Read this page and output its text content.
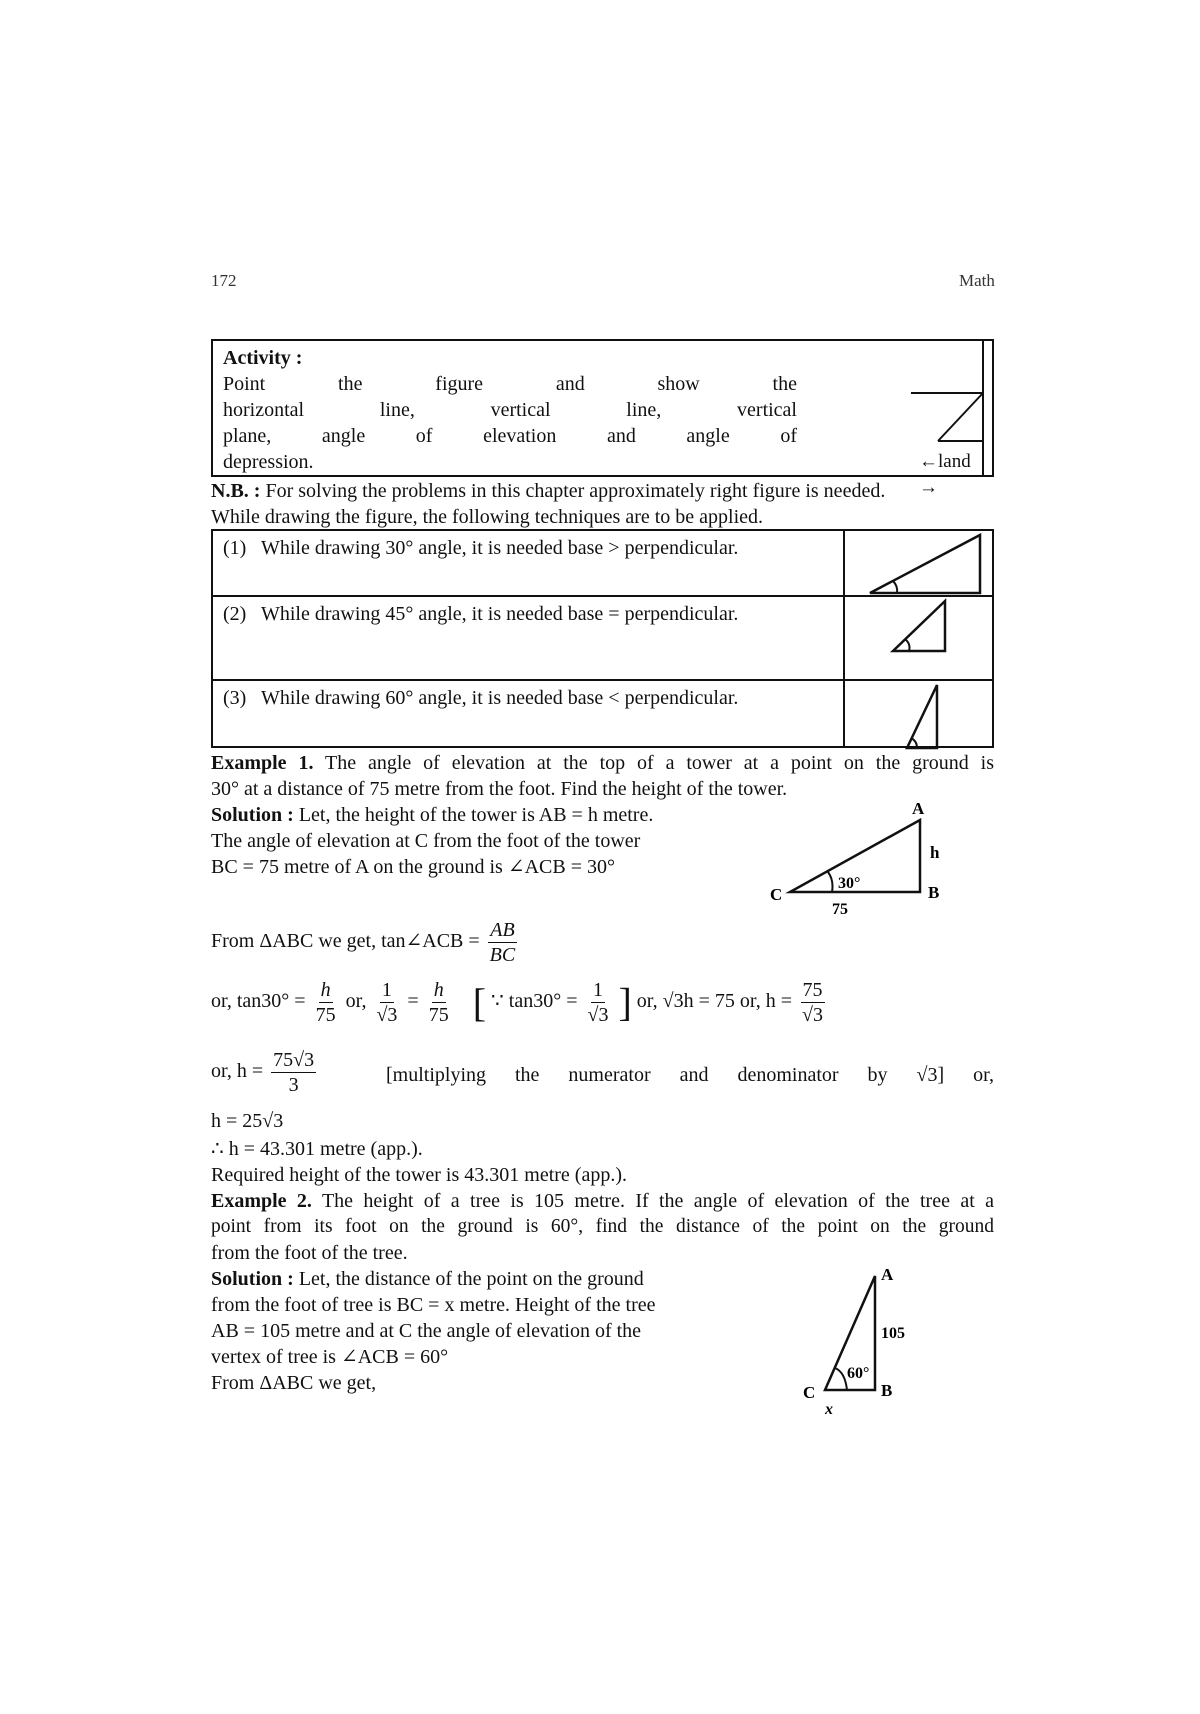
172	Math
Activity :
Point the figure and show the
horizontal line, vertical line, vertical
plane, angle of elevation and angle of
depression.	←land →
N.B. : For solving the problems in this chapter approximately right figure is needed.
While drawing the figure, the following techniques are to be applied.
(1) While drawing 30° angle, it is needed base > perpendicular.
(2) While drawing 45° angle, it is needed base = perpendicular.
(3) While drawing 60° angle, it is needed base < perpendicular.
Example 1. The angle of elevation at the top of a tower at a point on the ground is
30° at a distance of 75 metre from the foot. Find the height of the tower.
Solution : Let, the height of the tower is AB = h metre.
The angle of elevation at C from the foot of the tower
BC = 75 metre of A on the ground is ∠ACB = 30°
A
h
C	B
30°
75
From ΔABC we get, tan∠ACB = $\frac{AB}{BC}$
or, $\tan 30^\circ = \frac{h}{75}$ or, $\frac{1}{√3} = \frac{h}{75}$ [ ∵ $\tan 30^\circ = \frac{1}{√3}$ ] or, √3h = 75 or, $h = \frac{75}{√3}$
or, $h = \frac{75√3}{3}$	[multiplying the numerator and denominator by √3] or,
h = 25√3
∴ h = 43.301 metre (app.).
Required height of the tower is 43.301 metre (app.).
Example 2. The height of a tree is 105 metre. If the angle of elevation of the tree at a
point from its foot on the ground is 60°, find the distance of the point on the ground
from the foot of the tree.
Solution : Let, the distance of the point on the ground
from the foot of tree is BC = x metre. Height of the tree
AB = 105 metre and at C the angle of elevation of the
vertex of tree is ∠ACB = 60°
From ΔABC we get,
A
105
C	B
60°
x
